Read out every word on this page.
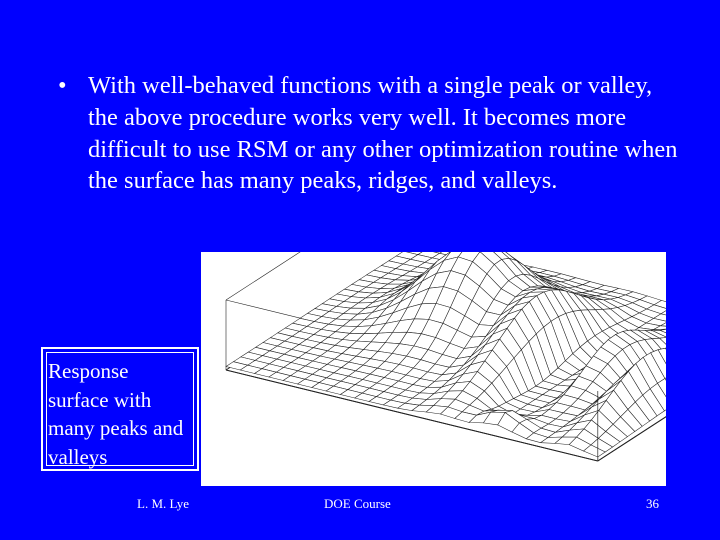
• With well-behaved functions with a single peak or valley, the above procedure works very well. It becomes more difficult to use RSM or any other optimization routine when the surface has many peaks, ridges, and valleys.
Response surface with many peaks and valleys
L. M. Lye	DOE Course	36
